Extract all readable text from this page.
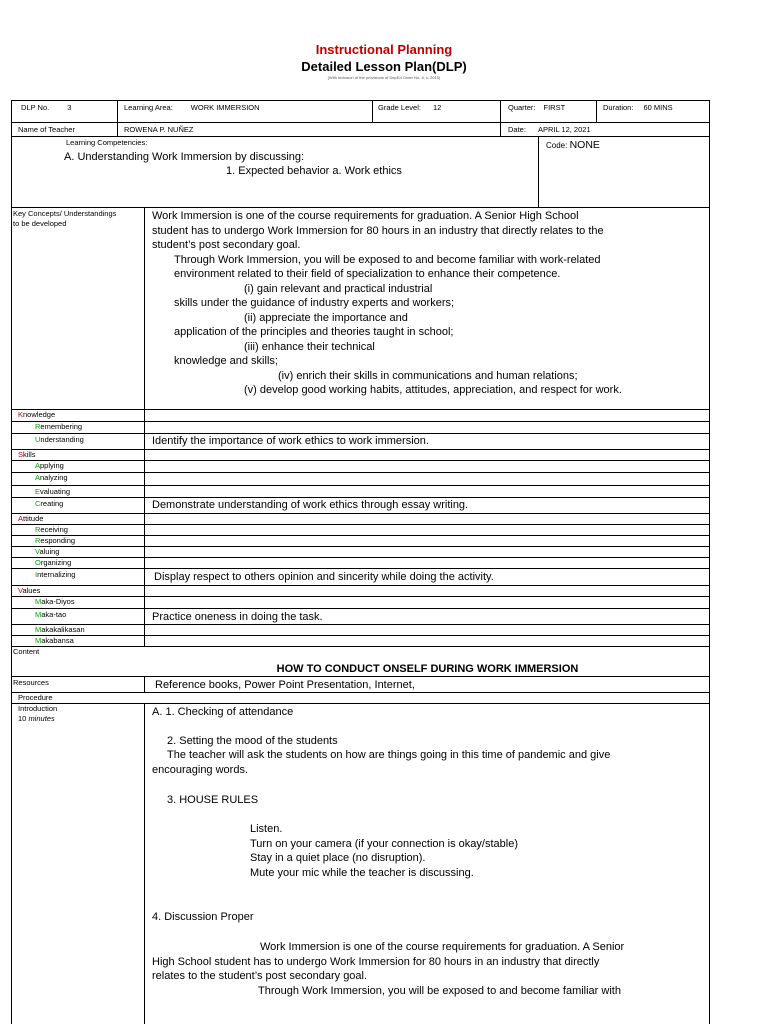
Instructional Planning
Detailed Lesson Plan(DLP)
(With inclusion of the provisions of DepEd Order No. 8, s. 2015)
DLP No. 3	Learning Area: WORK IMMERSION	Grade Level: 12	Quarter: FIRST	Duration: 60 MINS
Name of Teacher	ROWENA P. NUÑEZ	Date: APRIL 12, 2021
Learning Competencies:
A. Understanding Work Immersion by discussing:
1. Expected behavior a. Work ethics
Code: NONE
Key Concepts/ Understandings
to be developed
Work Immersion is one of the course requirements for graduation. A Senior High School
student has to undergo Work Immersion for 80 hours in an industry that directly relates to the
student’s post secondary goal.
Through Work Immersion, you will be exposed to and become familiar with work-related
environment related to their field of specialization to enhance their competence.
(i) gain relevant and practical industrial
skills under the guidance of industry experts and workers;
(ii) appreciate the importance and
application of the principles and theories taught in school;
(iii) enhance their technical
knowledge and skills;
(iv) enrich their skills in communications and human relations;
(v) develop good working habits, attitudes, appreciation, and respect for work.
Knowledge
Remembering
Understanding	Identify the importance of work ethics to work immersion.
Skills
Applying
Analyzing
Evaluating
Creating	Demonstrate understanding of work ethics through essay writing.
Attitude
Receiving
Responding
Valuing
Organizing
Internalizing	Display respect to others opinion and sincerity while doing the activity.
Values
Maka-Diyos
Maka-tao	Practice oneness in doing the task.
Makakalikasan
Makabansa
Content
HOW TO CONDUCT ONSELF DURING WORK IMMERSION
Resources	Reference books, Power Point Presentation, Internet,
Procedure
Introduction
10 minutes
A. 1. Checking of attendance
2. Setting the mood of the students
The teacher will ask the students on how are things going in this time of pandemic and give
encouraging words.
3. HOUSE RULES
Listen.
Turn on your camera (if your connection is okay/stable)
Stay in a quiet place (no disruption).
Mute your mic while the teacher is discussing.
4. Discussion Proper
Work Immersion is one of the course requirements for graduation. A Senior
High School student has to undergo Work Immersion for 80 hours in an industry that directly
relates to the student’s post secondary goal.
Through Work Immersion, you will be exposed to and become familiar with
